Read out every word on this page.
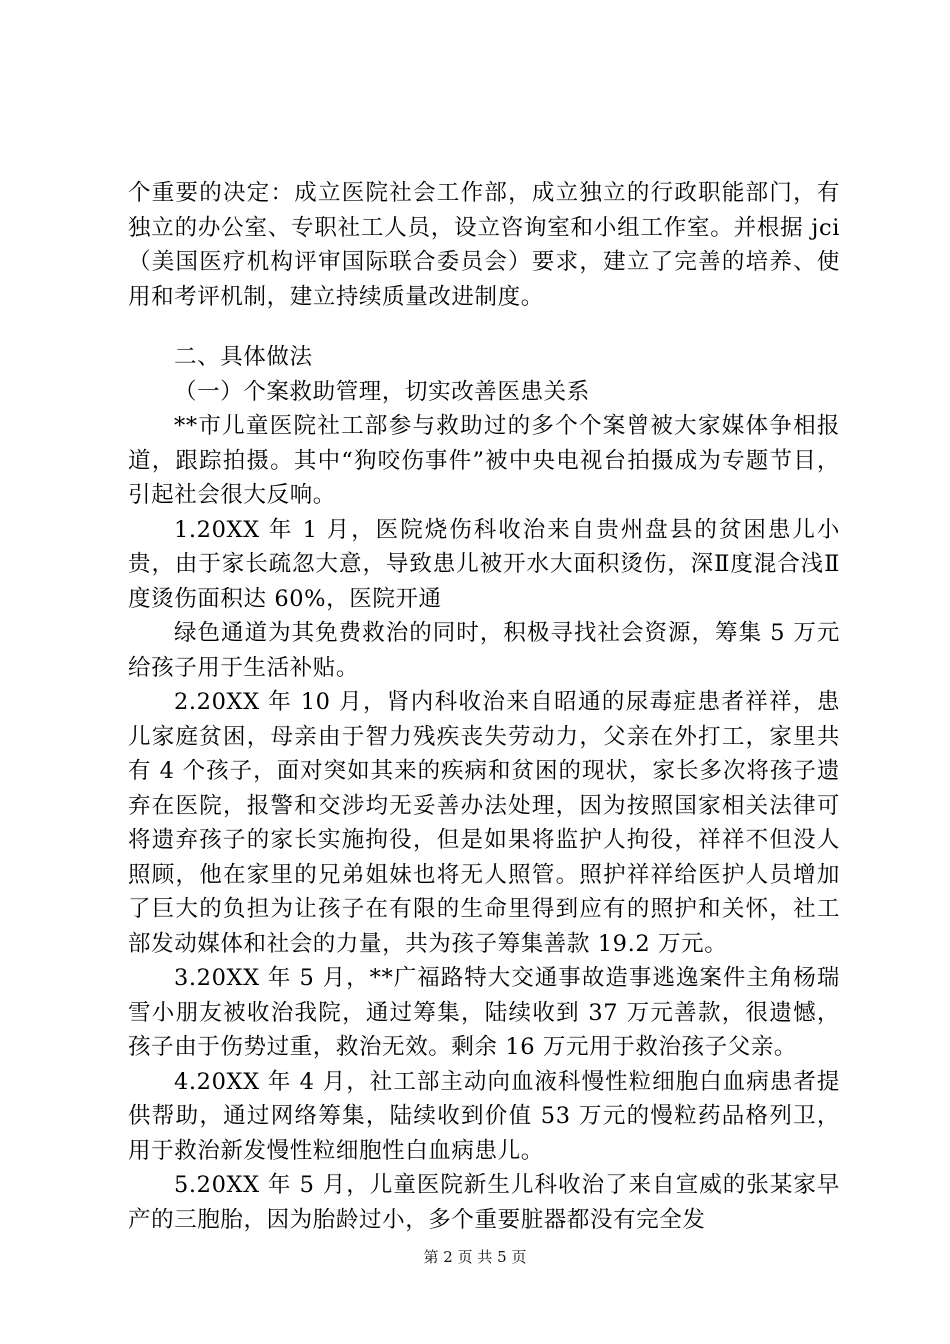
个重要的决定：成立医院社会工作部，成立独立的行政职能部门，有独立的办公室、专职社工人员，设立咨询室和小组工作室。并根据 jci（美国医疗机构评审国际联合委员会）要求，建立了完善的培养、使用和考评机制，建立持续质量改进制度。

二、具体做法

（一）个案救助管理，切实改善医患关系

**市儿童医院社工部参与救助过的多个个案曾被大家媒体争相报道，跟踪拍摄。其中“狗咬伤事件”被中央电视台拍摄成为专题节目，引起社会很大反响。

1.20XX 年 1 月，医院烧伤科收治来自贵州盘县的贫困患儿小贵，由于家长疏忽大意，导致患儿被开水大面积烫伤，深Ⅱ度混合浅Ⅱ度烫伤面积达 60%，医院开通

绿色通道为其免费救治的同时，积极寻找社会资源，筹集 5 万元给孩子用于生活补贴。

2.20XX 年 10 月，肾内科收治来自昭通的尿毒症患者祥祥，患儿家庭贫困，母亲由于智力残疾丧失劳动力，父亲在外打工，家里共有 4 个孩子，面对突如其来的疾病和贫困的现状，家长多次将孩子遗弃在医院，报警和交涉均无妥善办法处理，因为按照国家相关法律可将遗弃孩子的家长实施拘役，但是如果将监护人拘役，祥祥不但没人照顾，他在家里的兄弟姐妹也将无人照管。照护祥祥给医护人员增加了巨大的负担为让孩子在有限的生命里得到应有的照护和关怀，社工部发动媒体和社会的力量，共为孩子筹集善款 19.2 万元。

3.20XX 年 5 月，**广福路特大交通事故造事逃逸案件主角杨瑞雪小朋友被收治我院，通过筹集，陆续收到 37 万元善款，很遗憾，孩子由于伤势过重，救治无效。剩余 16 万元用于救治孩子父亲。

4.20XX 年 4 月，社工部主动向血液科慢性粒细胞白血病患者提供帮助，通过网络筹集，陆续收到价值 53 万元的慢粒药品格列卫，用于救治新发慢性粒细胞性白血病患儿。

5.20XX 年 5 月，儿童医院新生儿科收治了来自宣威的张某家早产的三胞胎，因为胎龄过小，多个重要脏器都没有完全发

第 2 页 共 5 页
